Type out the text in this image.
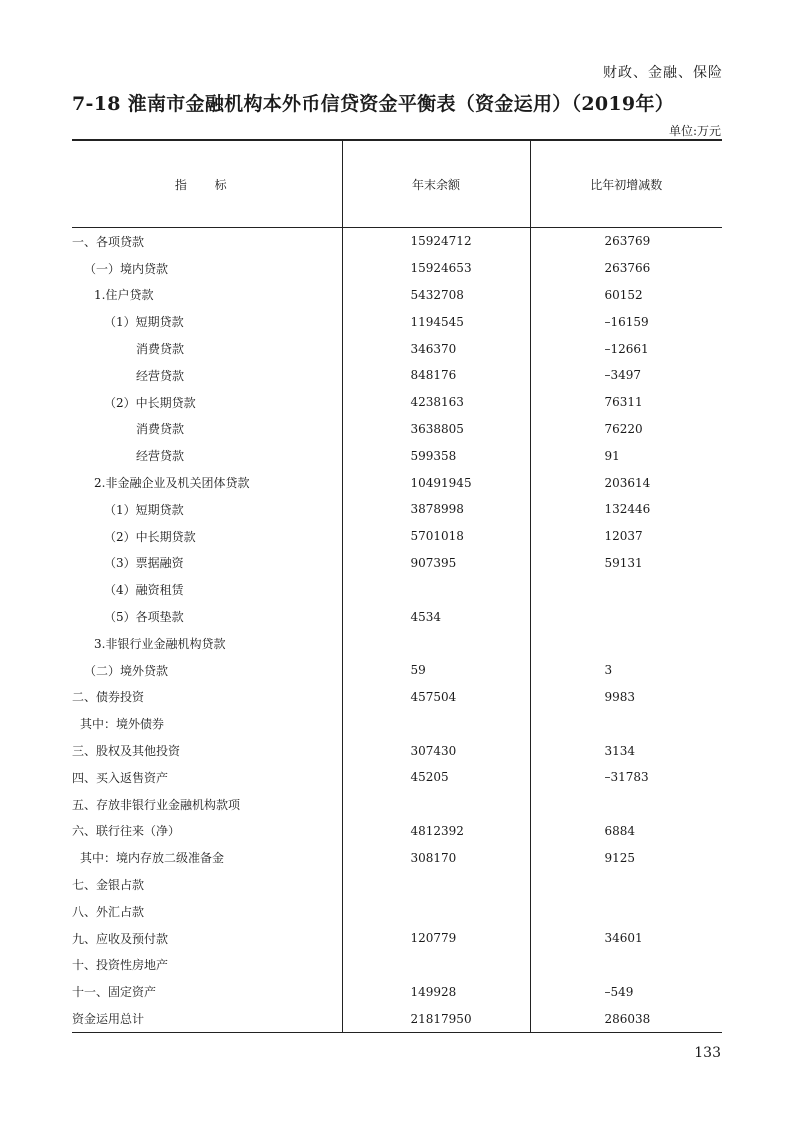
财政、金融、保险
7-18 淮南市金融机构本外币信贷资金平衡表（资金运用）（2019年）
单位:万元
指 标	年末余额	比年初增减数
一、各项贷款	15924712	263769
（一）境内贷款	15924653	263766
1.住户贷款	5432708	60152
（1）短期贷款	1194545	–16159
消费贷款	346370	–12661
经营贷款	848176	–3497
（2）中长期贷款	4238163	76311
消费贷款	3638805	76220
经营贷款	599358	91
2.非金融企业及机关团体贷款	10491945	203614
（1）短期贷款	3878998	132446
（2）中长期贷款	5701018	12037
（3）票据融资	907395	59131
（4）融资租赁		
（5）各项垫款	4534	
3.非银行业金融机构贷款		
（二）境外贷款	59	3
二、债券投资	457504	9983
其中：境外债券		
三、股权及其他投资	307430	3134
四、买入返售资产	45205	–31783
五、存放非银行业金融机构款项		
六、联行往来（净）	4812392	6884
其中：境内存放二级准备金	308170	9125
七、金银占款		
八、外汇占款		
九、应收及预付款	120779	34601
十、投资性房地产		
十一、固定资产	149928	–549
资金运用总计	21817950	286038
133
